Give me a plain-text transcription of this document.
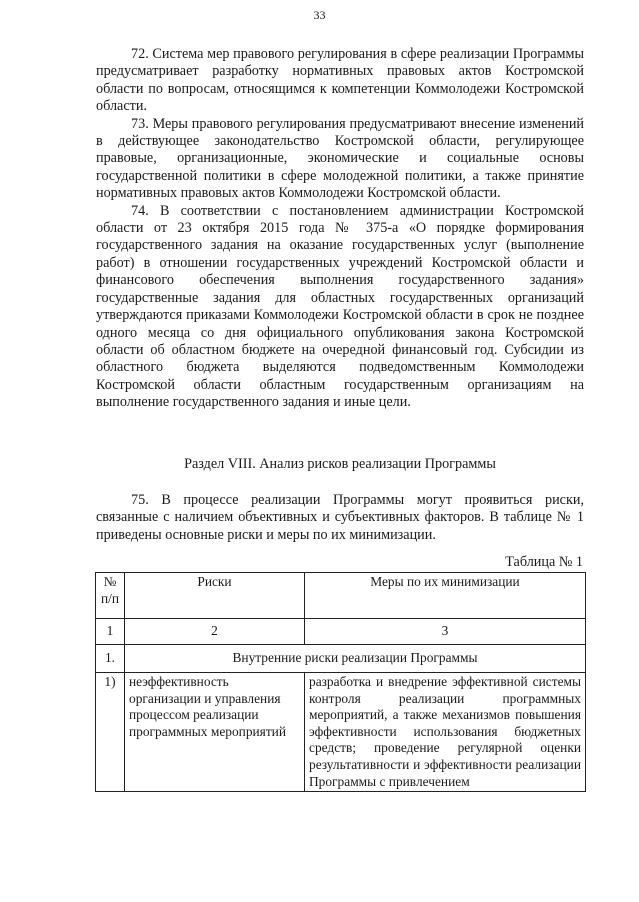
33

72. Система мер правового регулирования в сфере реализации Программы предусматривает разработку нормативных правовых актов Костромской области по вопросам, относящимся к компетенции Коммолодежи Костромской области.

73. Меры правового регулирования предусматривают внесение изменений в действующее законодательство Костромской области, регулирующее правовые, организационные, экономические и социальные основы государственной политики в сфере молодежной политики, а также принятие нормативных правовых актов Коммолодежи Костромской области.

74. В соответствии с постановлением администрации Костромской области от 23 октября 2015 года № 375-а «О порядке формирования государственного задания на оказание государственных услуг (выполнение работ) в отношении государственных учреждений Костромской области и финансового обеспечения выполнения государственного задания» государственные задания для областных государственных организаций утверждаются приказами Коммолодежи Костромской области в срок не позднее одного месяца со дня официального опубликования закона Костромской области об областном бюджете на очередной финансовый год. Субсидии из областного бюджета выделяются подведомственным Коммолодежи Костромской области областным государственным организациям на выполнение государственного задания и иные цели.

Раздел VIII. Анализ рисков реализации Программы

75. В процессе реализации Программы могут проявиться риски, связанные с наличием объективных и субъективных факторов. В таблице № 1 приведены основные риски и меры по их минимизации.

Таблица № 1
№ п/п	Риски	Меры по их минимизации
1	2	3
1.	Внутренние риски реализации Программы	
1)	неэффективность организации и управления процессом реализации программных мероприятий	разработка и внедрение эффективной системы контроля реализации программных мероприятий, а также механизмов повышения эффективности использования бюджетных средств; проведение регулярной оценки результативности и эффективности реализации Программы с привлечением
